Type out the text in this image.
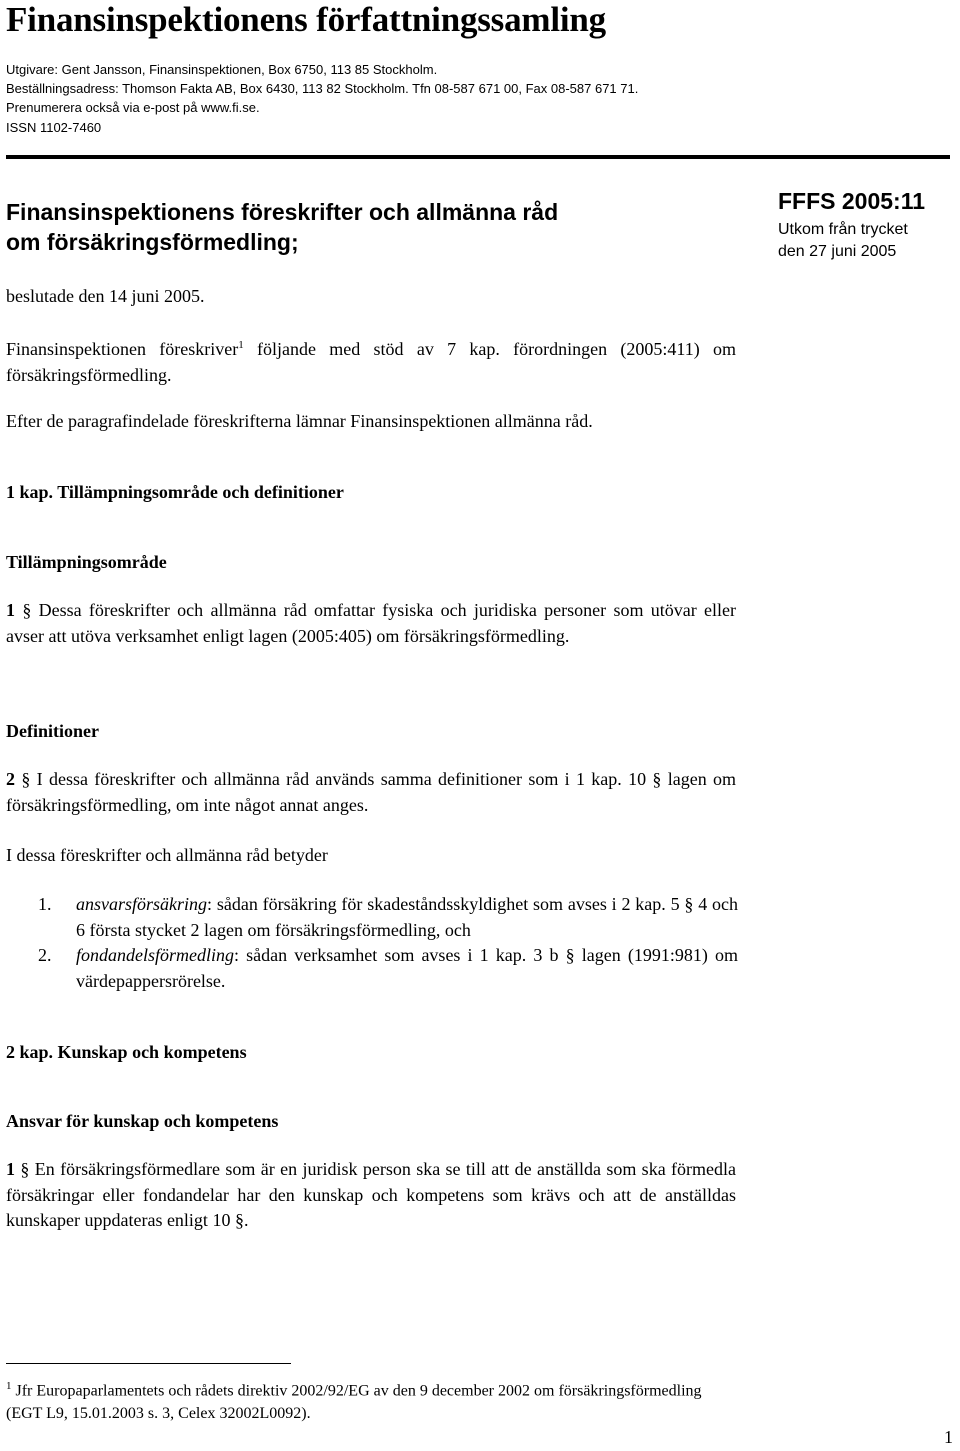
Finansinspektionens författningssamling
Utgivare: Gent Jansson, Finansinspektionen, Box 6750, 113 85 Stockholm.
Beställningsadress: Thomson Fakta AB, Box 6430, 113 82 Stockholm. Tfn 08-587 671 00, Fax 08-587 671 71.
Prenumerera också via e-post på www.fi.se.
ISSN 1102-7460
Finansinspektionens föreskrifter och allmänna råd
om försäkringsförmedling;
FFFS 2005:11
Utkom från trycket
den 27 juni 2005
beslutade den 14 juni 2005.
Finansinspektionen föreskriver$^1$ följande med stöd av 7 kap. förordningen (2005:411) om försäkringsförmedling.
Efter de paragrafindelade föreskrifterna lämnar Finansinspektionen allmänna råd.
1 kap. Tillämpningsområde och definitioner
Tillämpningsområde
1 § Dessa föreskrifter och allmänna råd omfattar fysiska och juridiska personer som utövar eller avser att utöva verksamhet enligt lagen (2005:405) om försäkringsförmedling.
Definitioner
2 § I dessa föreskrifter och allmänna råd används samma definitioner som i 1 kap. 10 § lagen om försäkringsförmedling, om inte något annat anges.
I dessa föreskrifter och allmänna råd betyder
1.	ansvarsförsäkring: sådan försäkring för skadeståndsskyldighet som avses i 2 kap. 5 § 4 och 6 första stycket 2 lagen om försäkringsförmedling, och
2.	fondandelsförmedling: sådan verksamhet som avses i 1 kap. 3 b § lagen (1991:981) om värdepappersrörelse.
2 kap. Kunskap och kompetens
Ansvar för kunskap och kompetens
1 § En försäkringsförmedlare som är en juridisk person ska se till att de anställda som ska förmedla försäkringar eller fondandelar har den kunskap och kompetens som krävs och att de anställdas kunskaper uppdateras enligt 10 §.
$^1$ Jfr Europaparlamentets och rådets direktiv 2002/92/EG av den 9 december 2002 om försäkringsförmedling (EGT L9, 15.01.2003 s. 3, Celex 32002L0092).
1
